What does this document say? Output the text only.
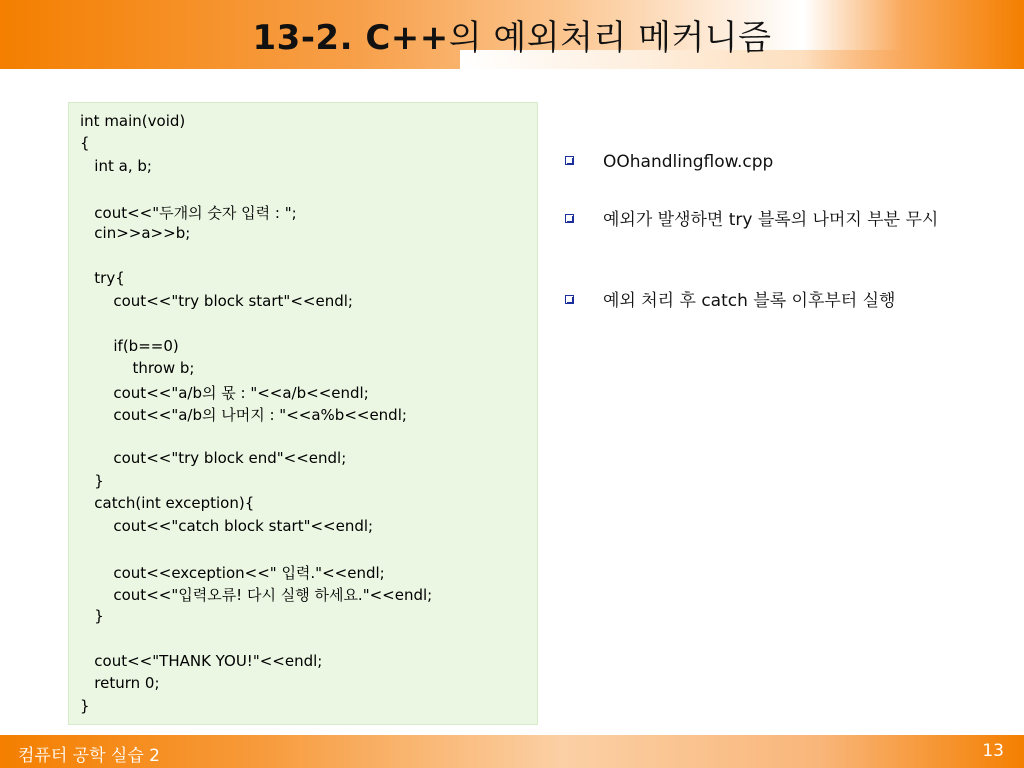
13-2. C++의 예외처리 메커니즘
int main(void)
{
int a, b;
cout<<"두개의 숫자 입력 : ";
cin>>a>>b;
try{
cout<<"try block start"<<endl;
if(b==0)
throw b;
cout<<"a/b의 몫 : "<<a/b<<endl;
cout<<"a/b의 나머지 : "<<a%b<<endl;
cout<<"try block end"<<endl;
}
catch(int exception){
cout<<"catch block start"<<endl;
cout<<exception<<" 입력."<<endl;
cout<<"입력오류! 다시 실행 하세요."<<endl;
}
cout<<"THANK YOU!"<<endl;
return 0;
}
OOhandlingflow.cpp
예외가 발생하면 try 블록의 나머지 부분 무시
예외 처리 후 catch 블록 이후부터 실행
컴퓨터 공학 실습 2	13
